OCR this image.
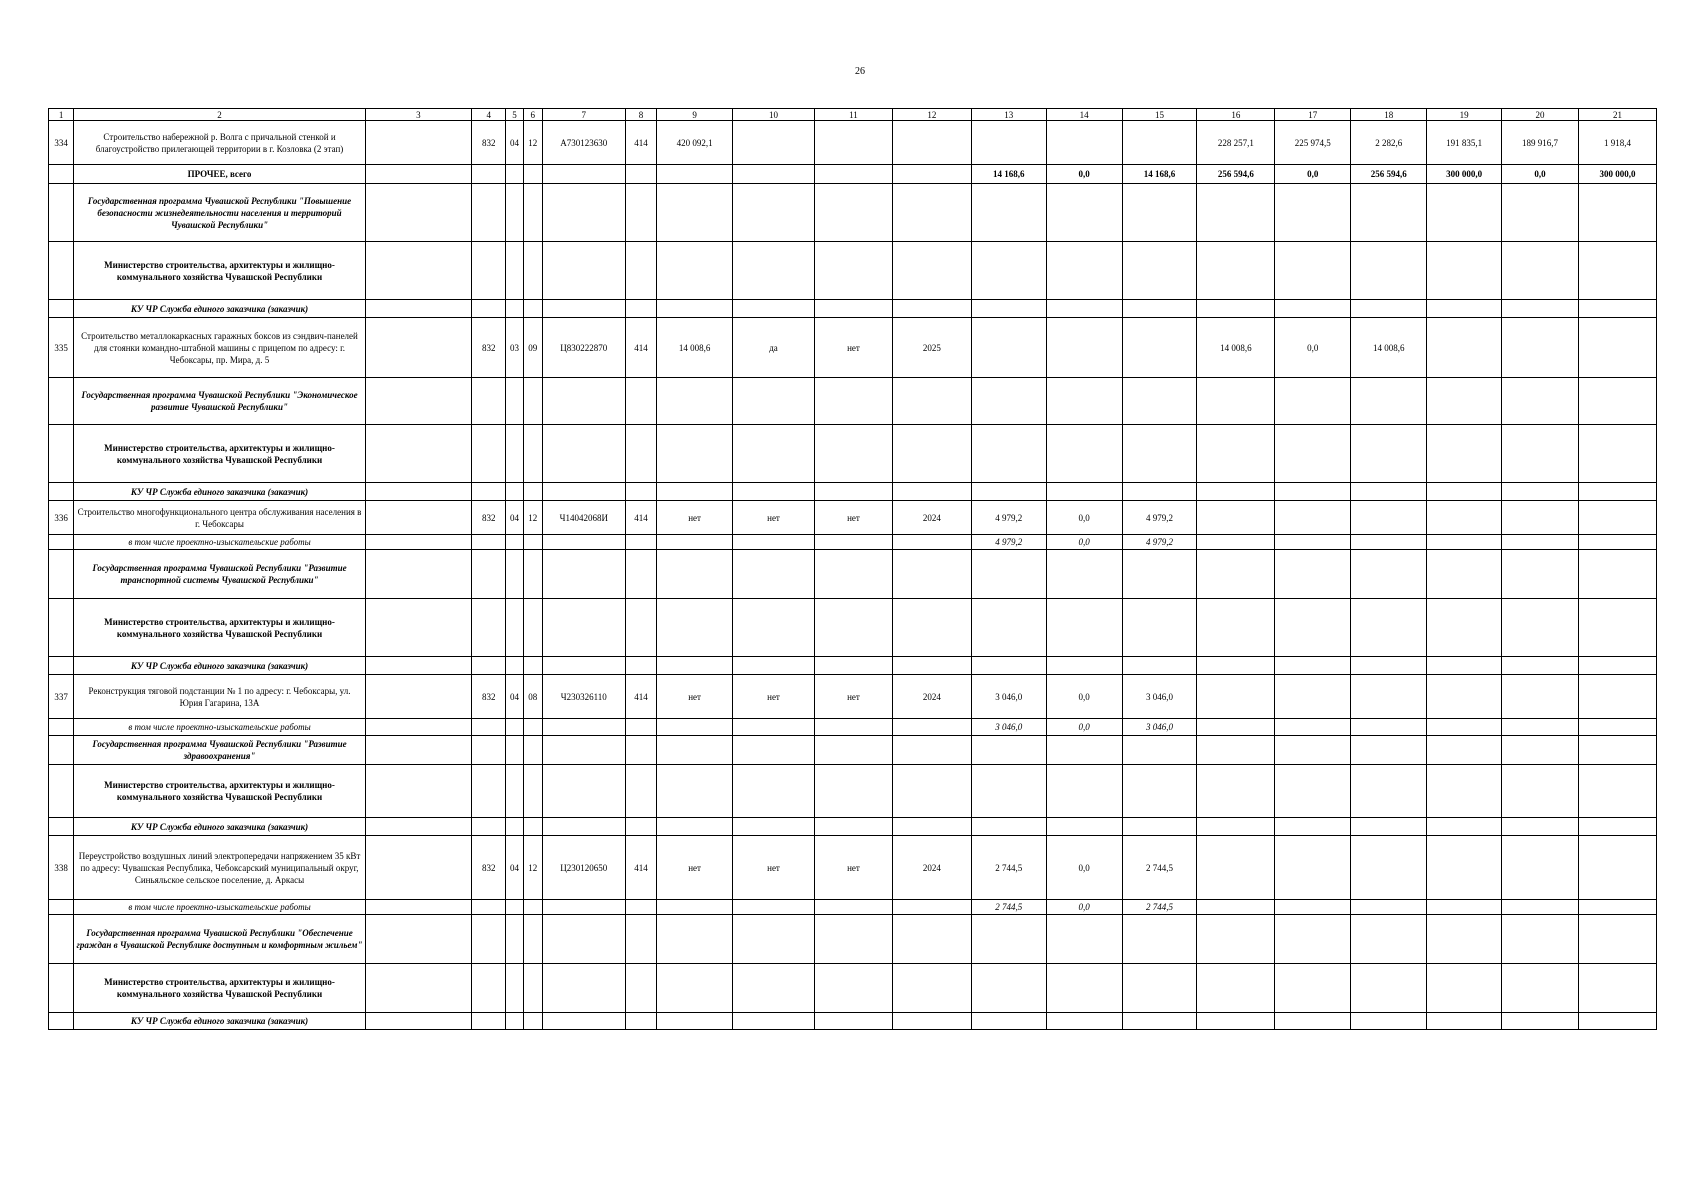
26
1	2	3	4	5	6	7	8	9	10	11	12	13	14	15	16	17	18	19	20	21
334	Строительство набережной р. Волга с причальной стенкой и благоустройство прилегающей территории в г. Козловка (2 этап)		832	04	12	А730123630	414	420 092,1							228 257,1	225 974,5	2 282,6	191 835,1	189 916,7	1 918,4
	ПРОЧЕЕ, всего											14 168,6	0,0	14 168,6	256 594,6	0,0	256 594,6	300 000,0	0,0	300 000,0
	Государственная программа Чувашской Республики "Повышение безопасности жизнедеятельности населения и территорий Чувашской Республики"																			
	Министерство строительства, архитектуры и жилищно-коммунального хозяйства Чувашской Республики																			
	КУ ЧР Служба единого заказчика (заказчик)																			
335	Строительство металлокаркасных гаражных боксов из сэндвич-панелей для стоянки командно-штабной машины с прицепом по адресу: г. Чебоксары, пр. Мира, д. 5		832	03	09	Ц830222870	414	14 008,6	да	нет	2025				14 008,6	0,0	14 008,6			
	Государственная программа Чувашской Республики "Экономическое развитие Чувашской Республики"																			
	Министерство строительства, архитектуры и жилищно-коммунального хозяйства Чувашской Республики																			
	КУ ЧР Служба единого заказчика (заказчик)																			
336	Строительство многофункционального центра обслуживания населения в г. Чебоксары		832	04	12	Ч14042068И	414	нет	нет	нет	2024	4 979,2	0,0	4 979,2						
	в том числе проектно-изыскательские работы											4 979,2	0,0	4 979,2						
	Государственная программа Чувашской Республики "Развитие транспортной системы Чувашской Республики"																			
	Министерство строительства, архитектуры и жилищно-коммунального хозяйства Чувашской Республики																			
	КУ ЧР Служба единого заказчика (заказчик)																			
337	Реконструкция тяговой подстанции № 1 по адресу: г. Чебоксары, ул. Юрия Гагарина, 13А		832	04	08	Ч230326110	414	нет	нет	нет	2024	3 046,0	0,0	3 046,0						
	в том числе проектно-изыскательские работы											3 046,0	0,0	3 046,0						
	Государственная программа Чувашской Республики "Развитие здравоохранения"																			
	Министерство строительства, архитектуры и жилищно-коммунального хозяйства Чувашской Республики																			
	КУ ЧР Служба единого заказчика (заказчик)																			
338	Переустройство воздушных линий электропередачи напряжением 35 кВт по адресу: Чувашская Республика, Чебоксарский муниципальный округ, Синьяльское сельское поселение, д. Аркасы		832	04	12	Ц230120650	414	нет	нет	нет	2024	2 744,5	0,0	2 744,5						
	в том числе проектно-изыскательские работы											2 744,5	0,0	2 744,5						
	Государственная программа Чувашской Республики "Обеспечение граждан в Чувашской Республике доступным и комфортным жильем"																			
	Министерство строительства, архитектуры и жилищно-коммунального хозяйства Чувашской Республики																			
	КУ ЧР Служба единого заказчика (заказчик)																			
